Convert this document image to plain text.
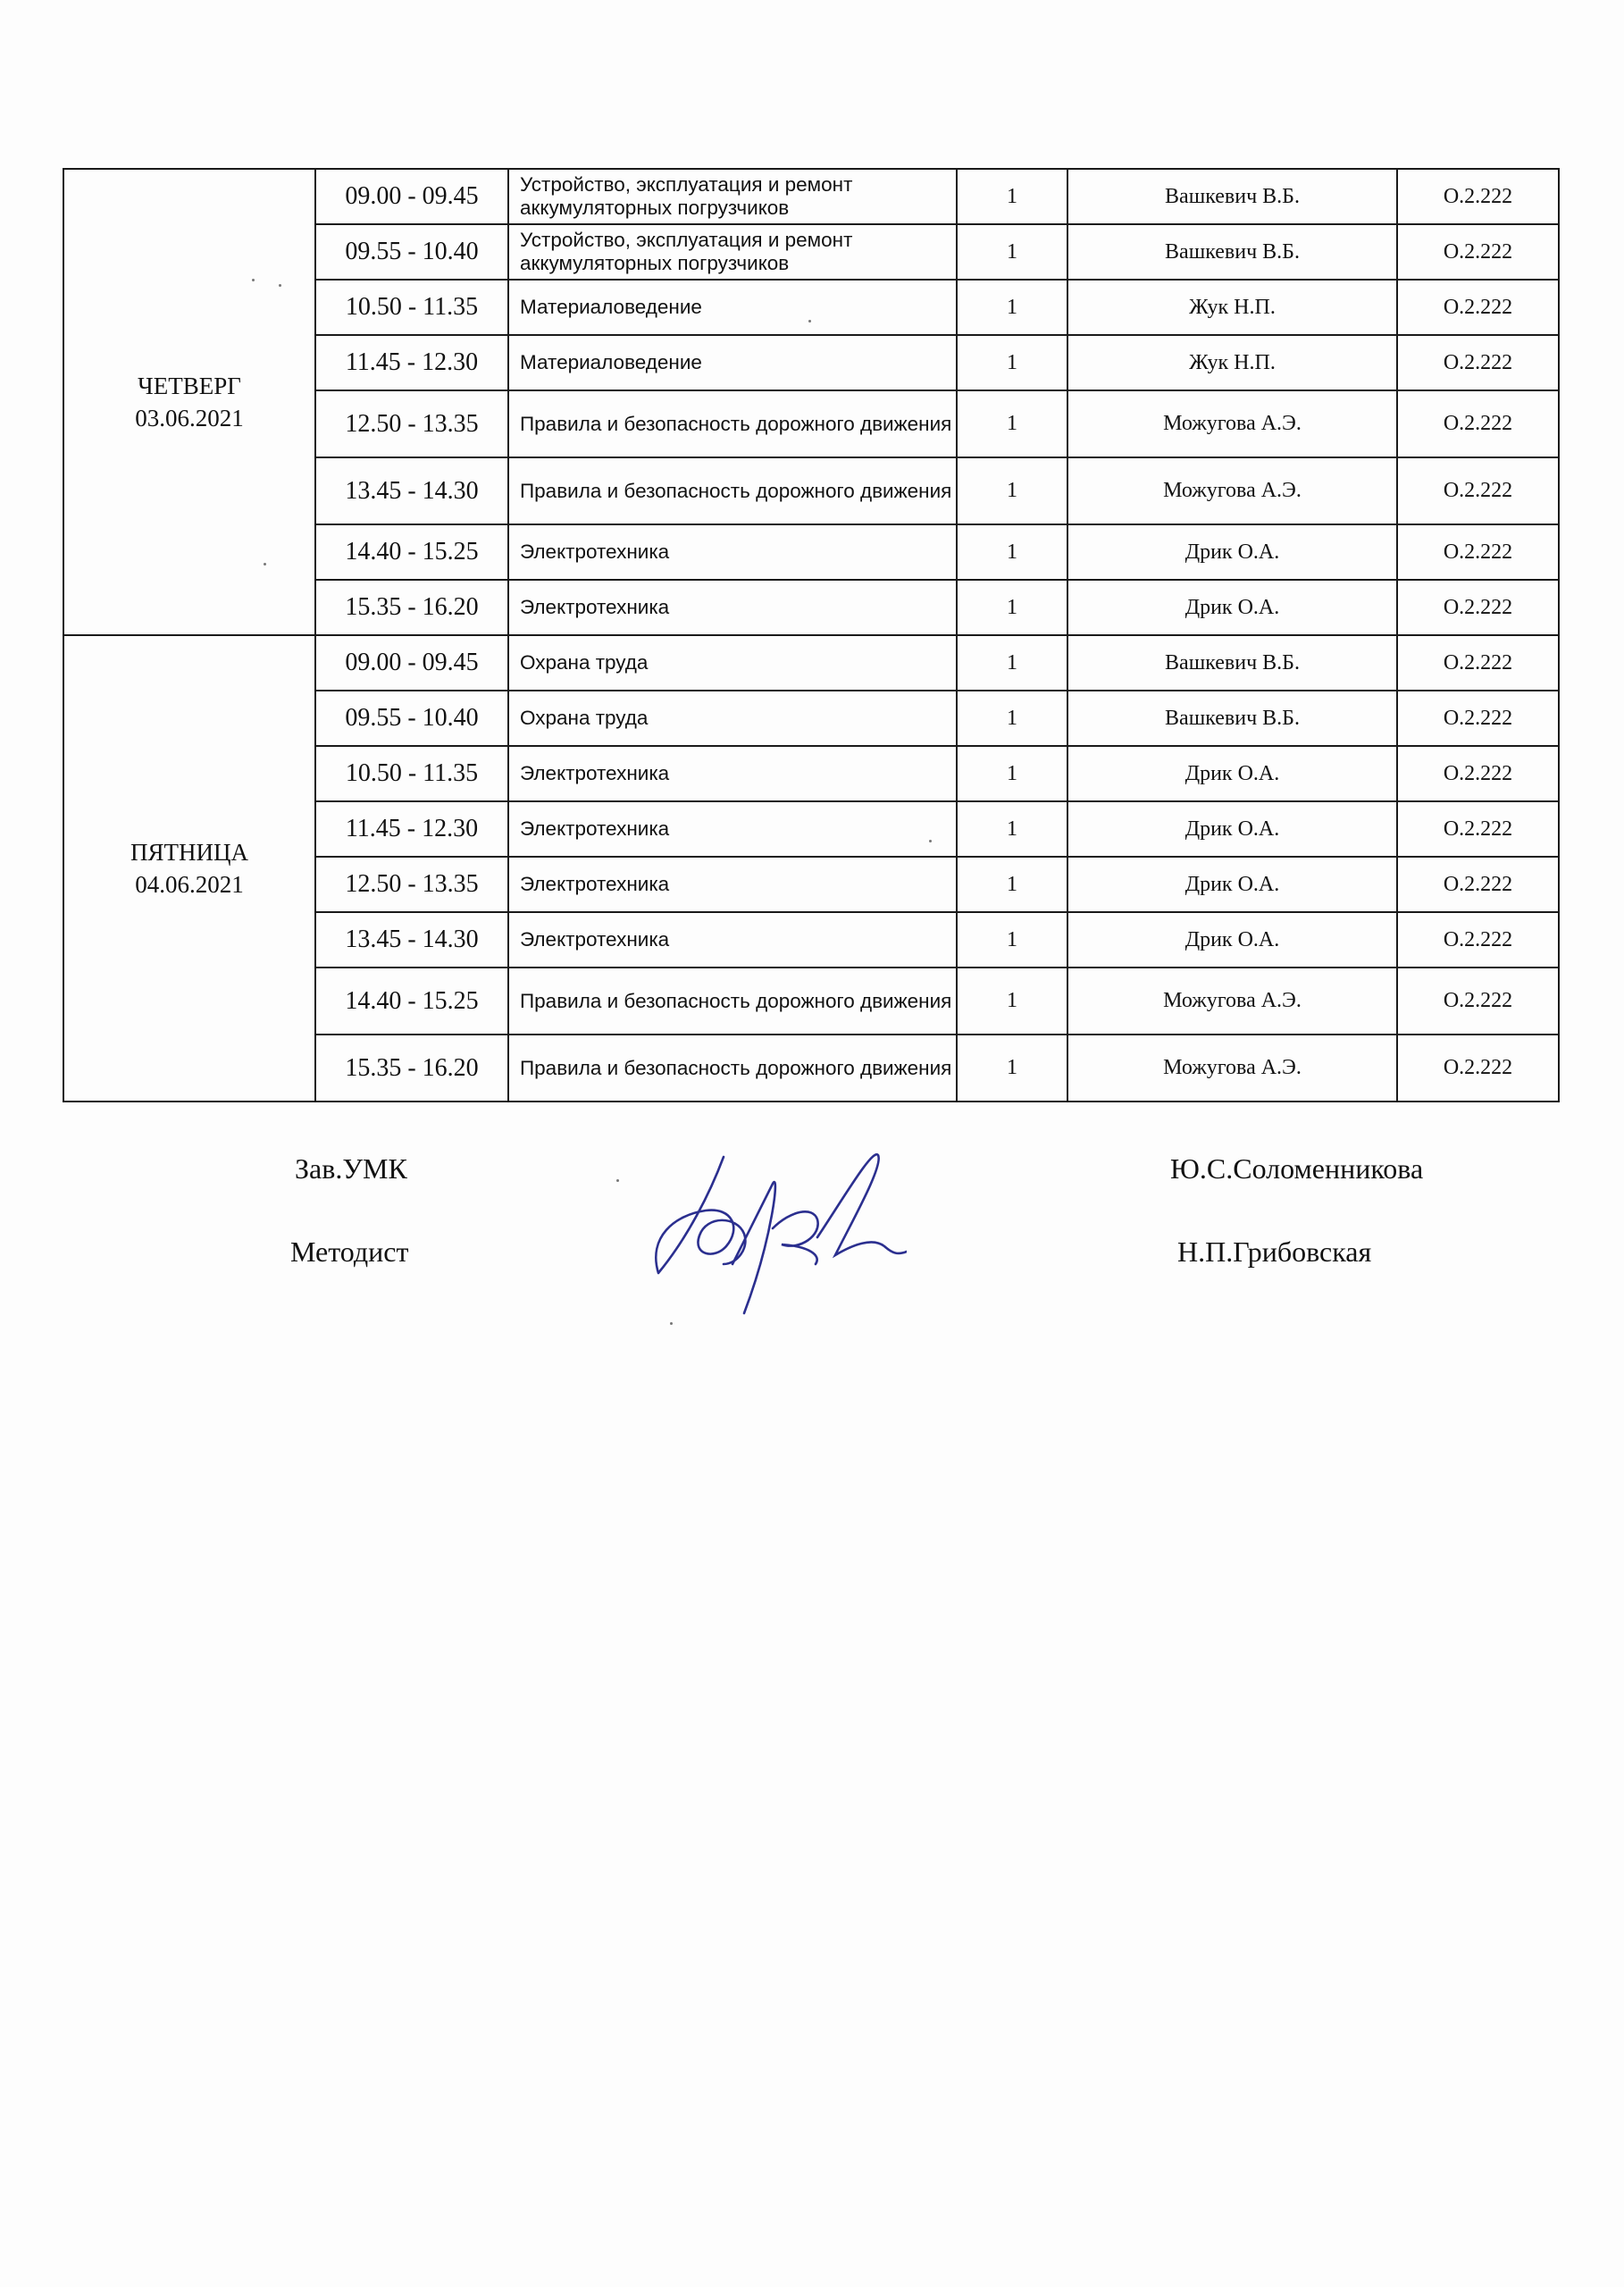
ЧЕТВЕРГ
03.06.2021	09.00 - 09.45	Устройство, эксплуатация и ремонт аккумуляторных погрузчиков	1	Вашкевич В.Б.	О.2.222
	09.55 - 10.40	Устройство, эксплуатация и ремонт аккумуляторных погрузчиков	1	Вашкевич В.Б.	О.2.222
	10.50 - 11.35	Материаловедение	1	Жук Н.П.	О.2.222
	11.45 - 12.30	Материаловедение	1	Жук Н.П.	О.2.222
	12.50 - 13.35	Правила и безопасность дорожного движения	1	Можугова А.Э.	О.2.222
	13.45 - 14.30	Правила и безопасность дорожного движения	1	Можугова А.Э.	О.2.222
	14.40 - 15.25	Электротехника	1	Дрик О.А.	О.2.222
	15.35 - 16.20	Электротехника	1	Дрик О.А.	О.2.222

ПЯТНИЦА
04.06.2021	09.00 - 09.45	Охрана труда	1	Вашкевич В.Б.	О.2.222
	09.55 - 10.40	Охрана труда	1	Вашкевич В.Б.	О.2.222
	10.50 - 11.35	Электротехника	1	Дрик О.А.	О.2.222
	11.45 - 12.30	Электротехника	1	Дрик О.А.	О.2.222
	12.50 - 13.35	Электротехника	1	Дрик О.А.	О.2.222
	13.45 - 14.30	Электротехника	1	Дрик О.А.	О.2.222
	14.40 - 15.25	Правила и безопасность дорожного движения	1	Можугова А.Э.	О.2.222
	15.35 - 16.20	Правила и безопасность дорожного движения	1	Можугова А.Э.	О.2.222
Зав.УМК	Ю.С.Соломенникова
Методист	Н.П.Грибовская
